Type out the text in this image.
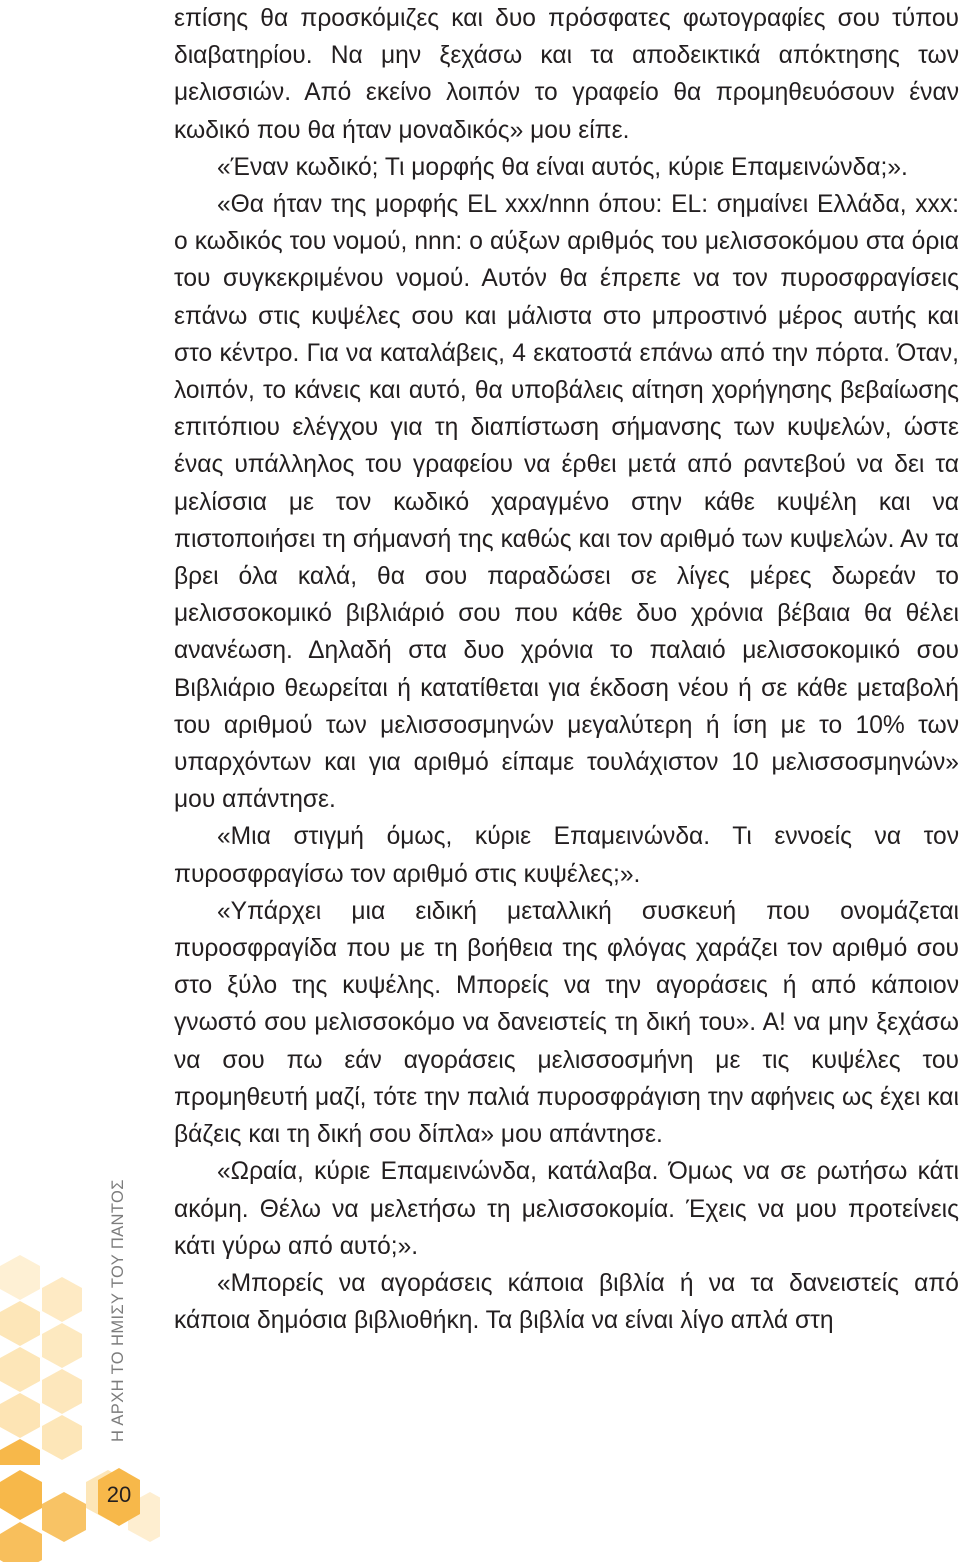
επίσης θα προσκόμιζες και δυο πρόσφατες φωτογραφίες σου τύπου διαβατηρίου. Να μην ξεχάσω και τα αποδεικτικά απόκτησης των μελισσιών. Από εκείνο λοιπόν το γραφείο θα προμηθευόσουν έναν κωδικό που θα ήταν μοναδικός» μου είπε.

«Έναν κωδικό; Τι μορφής θα είναι αυτός, κύριε Επαμεινώνδα;».

«Θα ήταν της μορφής EL xxx/nnn όπου: EL: σημαίνει Ελλάδα, xxx: ο κωδικός του νομού, nnn: ο αύξων αριθμός του μελισσοκόμου στα όρια του συγκεκριμένου νομού. Αυτόν θα έπρεπε να τον πυροσφραγίσεις επάνω στις κυψέλες σου και μάλιστα στο μπροστινό μέρος αυτής και στο κέντρο. Για να καταλάβεις, 4 εκατοστά επάνω από την πόρτα. Όταν, λοιπόν, το κάνεις και αυτό, θα υποβάλεις αίτηση χορήγησης βεβαίωσης επιτόπιου ελέγχου για τη διαπίστωση σήμανσης των κυψελών, ώστε ένας υπάλληλος του γραφείου να έρθει μετά από ραντεβού να δει τα μελίσσια με τον κωδικό χαραγμένο στην κάθε κυψέλη και να πιστοποιήσει τη σήμανσή της καθώς και τον αριθμό των κυψελών. Αν τα βρει όλα καλά, θα σου παραδώσει σε λίγες μέρες δωρεάν το μελισσοκομικό βιβλιάριό σου που κάθε δυο χρόνια βέβαια θα θέλει ανανέωση. Δηλαδή στα δυο χρόνια το παλαιό μελισσοκομικό σου Βιβλιάριο θεωρείται ή κατατίθεται για έκδοση νέου ή σε κάθε μεταβολή του αριθμού των μελισσοσμηνών μεγαλύτερη ή ίση με το 10% των υπαρχόντων και για αριθμό είπαμε τουλάχιστον 10 μελισσοσμηνών» μου απάντησε.

«Μια στιγμή όμως, κύριε Επαμεινώνδα. Τι εννοείς να τον πυροσφραγίσω τον αριθμό στις κυψέλες;».

«Υπάρχει μια ειδική μεταλλική συσκευή που ονομάζεται πυροσφραγίδα που με τη βοήθεια της φλόγας χαράζει τον αριθμό σου στο ξύλο της κυψέλης. Μπορείς να την αγοράσεις ή από κάποιον γνωστό σου μελισσοκόμο να δανειστείς τη δική του». Α! να μην ξεχάσω να σου πω εάν αγοράσεις μελισσοσμήνη με τις κυψέλες του προμηθευτή μαζί, τότε την παλιά πυροσφράγιση την αφήνεις ως έχει και βάζεις και τη δική σου δίπλα» μου απάντησε.

«Ωραία, κύριε Επαμεινώνδα, κατάλαβα. Όμως να σε ρωτήσω κάτι ακόμη. Θέλω να μελετήσω τη μελισσοκομία. Έχεις να μου προτείνεις κάτι γύρω από αυτό;».

«Μπορείς να αγοράσεις κάποια βιβλία ή να τα δανειστείς από κάποια δημόσια βιβλιοθήκη. Τα βιβλία να είναι λίγο απλά στη

20
Η ΑΡΧΗ ΤΟ ΗΜΙΣΥ ΤΟΥ ΠΑΝΤΟΣ
